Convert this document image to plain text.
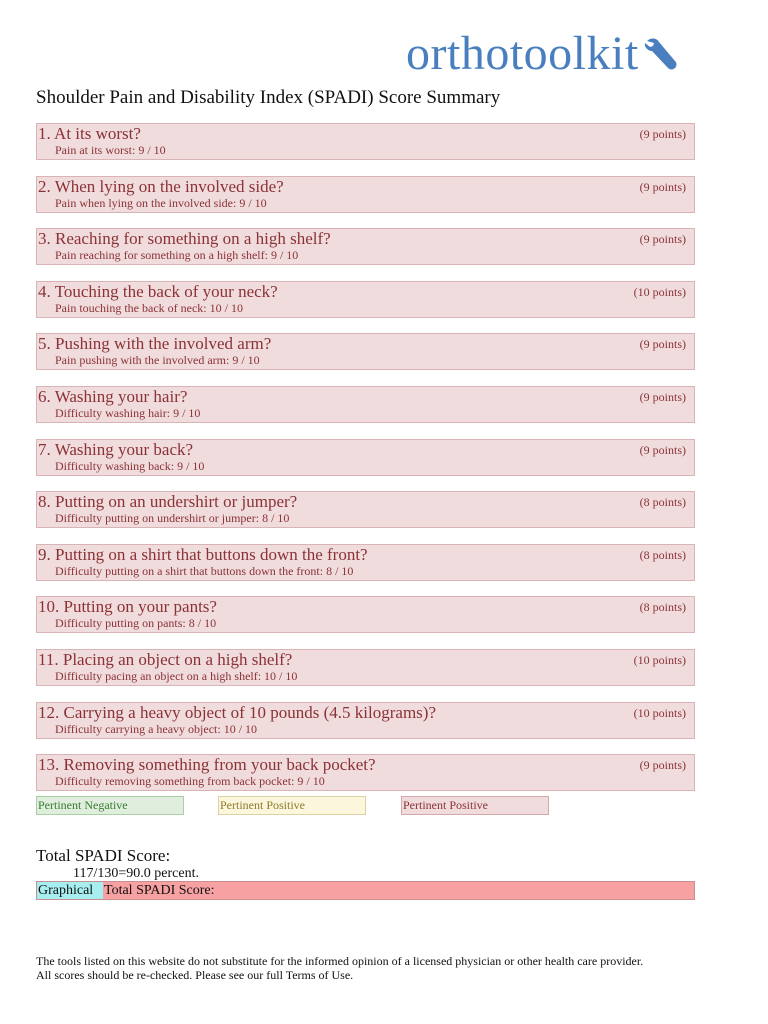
orthotoolkit
Shoulder Pain and Disability Index (SPADI) Score Summary
1. At its worst?
Pain at its worst: 9 / 10
(9 points)
2. When lying on the involved side?
Pain when lying on the involved side: 9 / 10
(9 points)
3. Reaching for something on a high shelf?
Pain reaching for something on a high shelf: 9 / 10
(9 points)
4. Touching the back of your neck?
Pain touching the back of neck: 10 / 10
(10 points)
5. Pushing with the involved arm?
Pain pushing with the involved arm: 9 / 10
(9 points)
6. Washing your hair?
Difficulty washing hair: 9 / 10
(9 points)
7. Washing your back?
Difficulty washing back: 9 / 10
(9 points)
8. Putting on an undershirt or jumper?
Difficulty putting on undershirt or jumper: 8 / 10
(8 points)
9. Putting on a shirt that buttons down the front?
Difficulty putting on a shirt that buttons down the front: 8 / 10
(8 points)
10. Putting on your pants?
Difficulty putting on pants: 8 / 10
(8 points)
11. Placing an object on a high shelf?
Difficulty pacing an object on a high shelf: 10 / 10
(10 points)
12. Carrying a heavy object of 10 pounds (4.5 kilograms)?
Difficulty carrying a heavy object: 10 / 10
(10 points)
13. Removing something from your back pocket?
Difficulty removing something from back pocket: 9 / 10
(9 points)
Pertinent Negative	Pertinent Positive	Pertinent Positive
Total SPADI Score:
117/130=90.0 percent.
Graphical Total SPADI Score:
The tools listed on this website do not substitute for the informed opinion of a licensed physician or other health care provider.
All scores should be re-checked. Please see our full Terms of Use.
